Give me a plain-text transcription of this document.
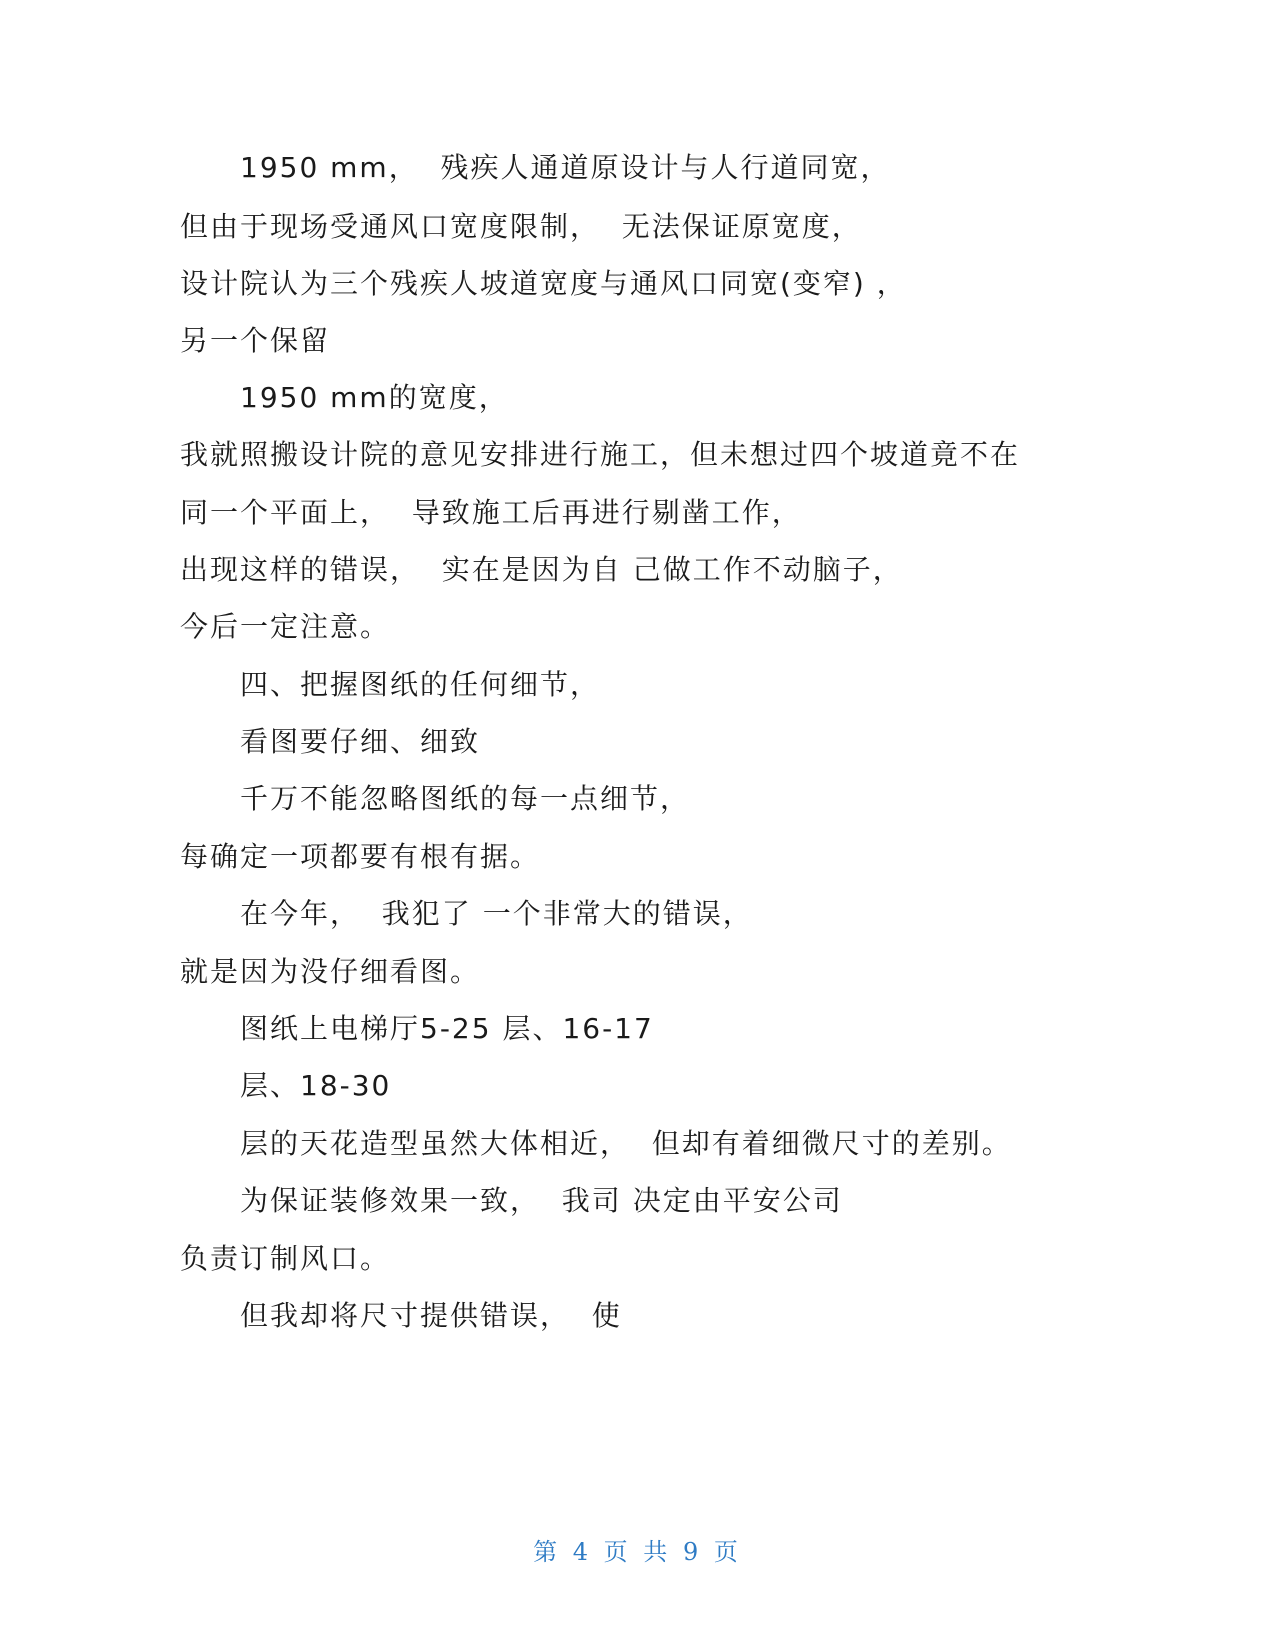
1950 mm，  残疾人通道原设计与人行道同宽，
但由于现场受通风口宽度限制，  无法保证原宽度，
设计院认为三个残疾人坡道宽度与通风口同宽(变窄) ，
另一个保留
1950 mm的宽度，
我就照搬设计院的意见安排进行施工，但未想过四个坡道竟不在
同一个平面上，  导致施工后再进行剔凿工作，
出现这样的错误，  实在是因为自 己做工作不动脑子，
今后一定注意。
四、把握图纸的任何细节，
看图要仔细、细致
千万不能忽略图纸的每一点细节，
每确定一项都要有根有据。
在今年，  我犯了 一个非常大的错误，
就是因为没仔细看图。
图纸上电梯厅5-25 层、16-17
层、18-30
层的天花造型虽然大体相近，  但却有着细微尺寸的差别。
为保证装修效果一致，  我司 决定由平安公司
负责订制风口。
但我却将尺寸提供错误，  使
第 4 页 共 9 页
